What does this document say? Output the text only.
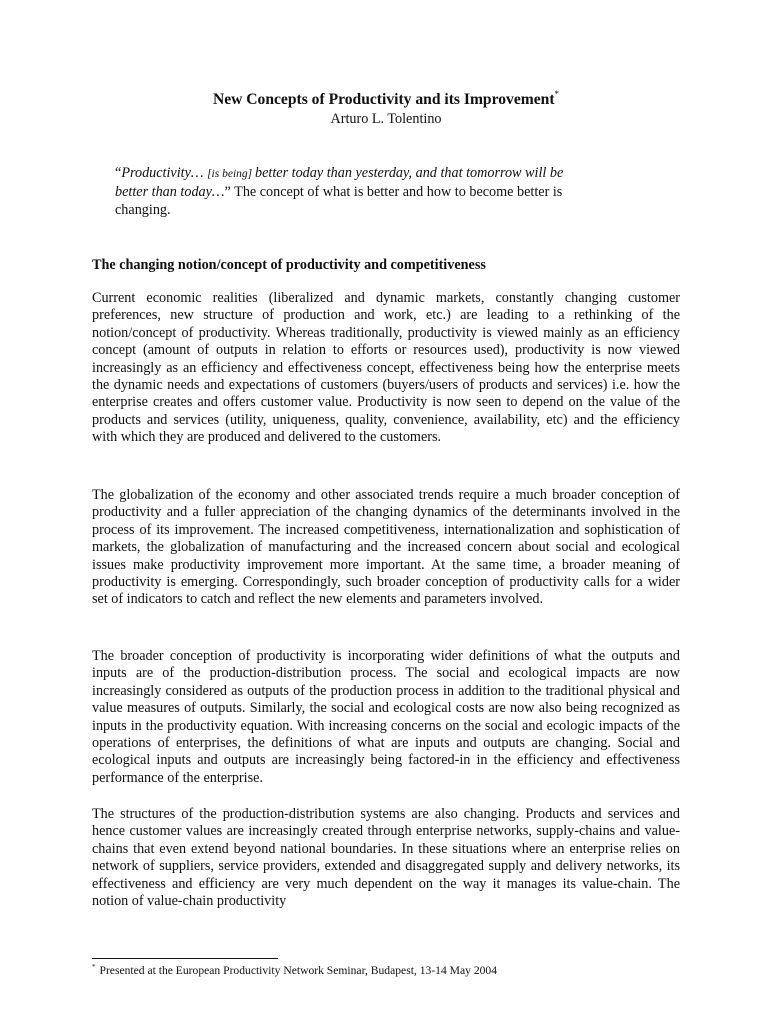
New Concepts of Productivity and its Improvement*

Arturo L. Tolentino

“Productivity… [is being] better today than yesterday, and that tomorrow will be better than today…” The concept of what is better and how to become better is changing.

The changing notion/concept of productivity and competitiveness

Current economic realities (liberalized and dynamic markets, constantly changing customer preferences, new structure of production and work, etc.) are leading to a rethinking of the notion/concept of productivity. Whereas traditionally, productivity is viewed mainly as an efficiency concept (amount of outputs in relation to efforts or resources used), productivity is now viewed increasingly as an efficiency and effectiveness concept, effectiveness being how the enterprise meets the dynamic needs and expectations of customers (buyers/users of products and services) i.e. how the enterprise creates and offers customer value. Productivity is now seen to depend on the value of the products and services (utility, uniqueness, quality, convenience, availability, etc) and the efficiency with which they are produced and delivered to the customers.

The globalization of the economy and other associated trends require a much broader conception of productivity and a fuller appreciation of the changing dynamics of the determinants involved in the process of its improvement. The increased competitiveness, internationalization and sophistication of markets, the globalization of manufacturing and the increased concern about social and ecological issues make productivity improvement more important. At the same time, a broader meaning of productivity is emerging. Correspondingly, such broader conception of productivity calls for a wider set of indicators to catch and reflect the new elements and parameters involved.

The broader conception of productivity is incorporating wider definitions of what the outputs and inputs are of the production-distribution process. The social and ecological impacts are now increasingly considered as outputs of the production process in addition to the traditional physical and value measures of outputs. Similarly, the social and ecological costs are now also being recognized as inputs in the productivity equation. With increasing concerns on the social and ecologic impacts of the operations of enterprises, the definitions of what are inputs and outputs are changing. Social and ecological inputs and outputs are increasingly being factored-in in the efficiency and effectiveness performance of the enterprise.

The structures of the production-distribution systems are also changing. Products and services and hence customer values are increasingly created through enterprise networks, supply-chains and value-chains that even extend beyond national boundaries. In these situations where an enterprise relies on network of suppliers, service providers, extended and disaggregated supply and delivery networks, its effectiveness and efficiency are very much dependent on the way it manages its value-chain. The notion of value-chain productivity

* Presented at the European Productivity Network Seminar, Budapest, 13-14 May 2004
